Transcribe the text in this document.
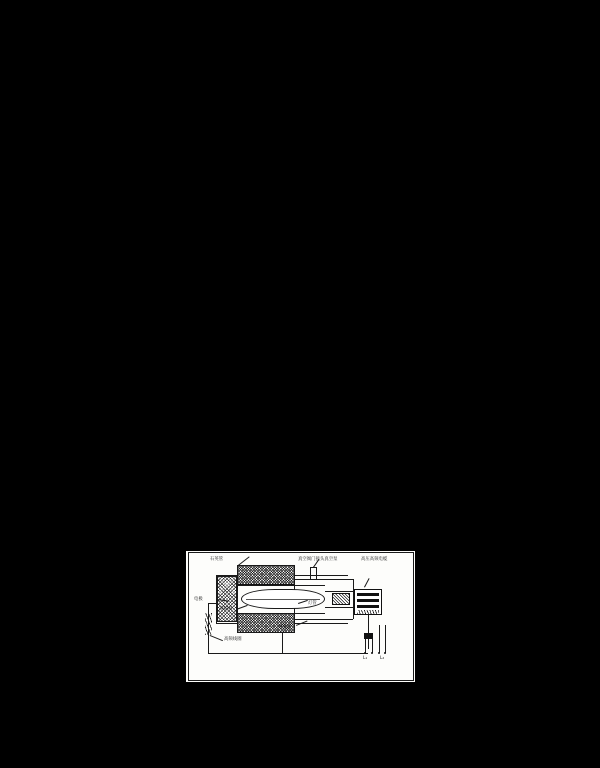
石英管	真空阀门接头真空泵	高压高频电缆
电极
冷却水
灯管
高频线圈
绝缘套
L₁	L₂
